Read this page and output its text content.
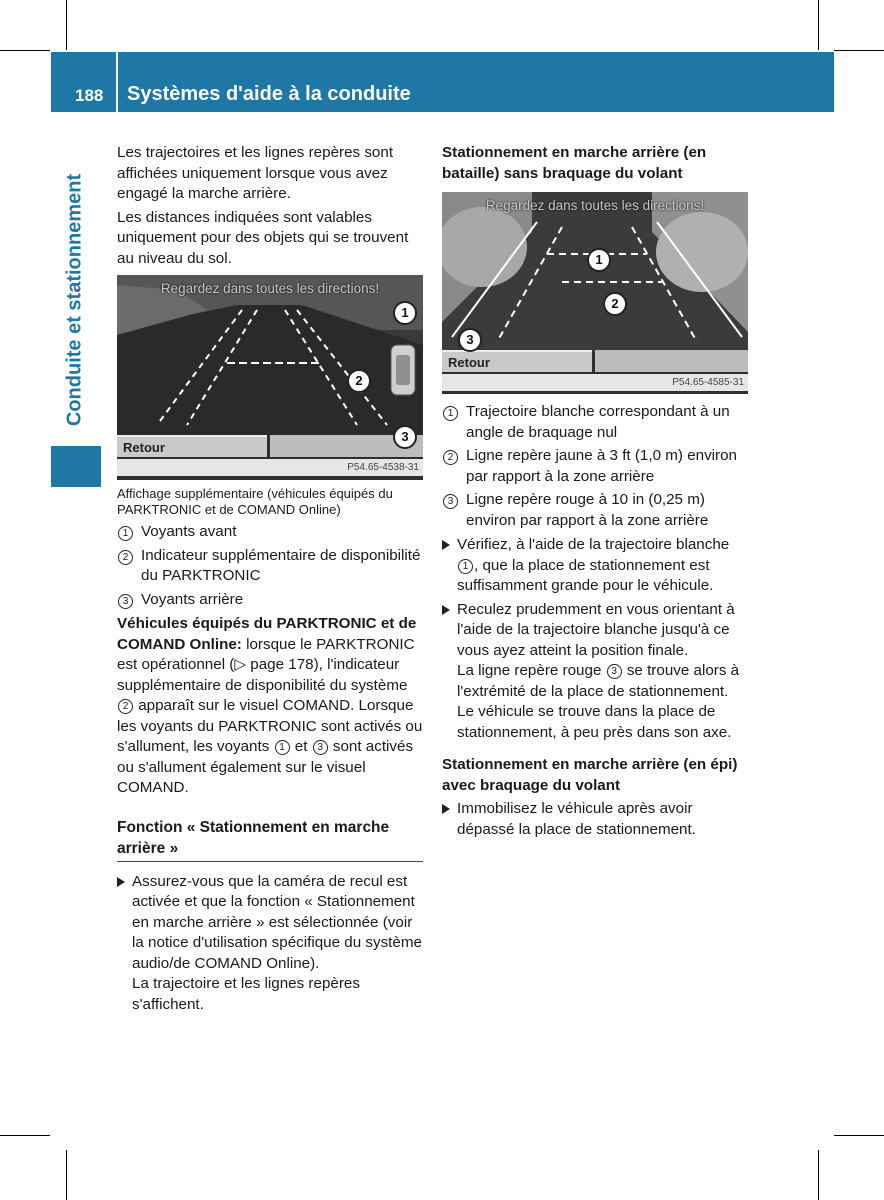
188 Systèmes d'aide à la conduite
Conduite et stationnement

Les trajectoires et les lignes repères sont affichées uniquement lorsque vous avez engagé la marche arrière.

Les distances indiquées sont valables uniquement pour des objets qui se trouvent au niveau du sol.

Regardez dans toutes les directions!
Retour
P54.65-4538-31
1
2
3
Affichage supplémentaire (véhicules équipés du PARKTRONIC et de COMAND Online)
1 Voyants avant
2 Indicateur supplémentaire de disponibilité du PARKTRONIC
3 Voyants arrière

Véhicules équipés du PARKTRONIC et de COMAND Online: lorsque le PARKTRONIC est opérationnel (▷ page 178), l'indicateur supplémentaire de disponibilité du système 2 apparaît sur le visuel COMAND. Lorsque les voyants du PARKTRONIC sont activés ou s'allument, les voyants 1 et 3 sont activés ou s'allument également sur le visuel COMAND.

Fonction « Stationnement en marche arrière »
Assurez-vous que la caméra de recul est activée et que la fonction « Stationnement en marche arrière » est sélectionnée (voir la notice d'utilisation spécifique du système audio/de COMAND Online).
La trajectoire et les lignes repères s'affichent.

Stationnement en marche arrière (en bataille) sans braquage du volant

Regardez dans toutes les directions!
Retour
P54.65-4585-31
1
2
3
1 Trajectoire blanche correspondant à un angle de braquage nul
2 Ligne repère jaune à 3 ft (1,0 m) environ par rapport à la zone arrière
3 Ligne repère rouge à 10 in (0,25 m) environ par rapport à la zone arrière
Vérifiez, à l'aide de la trajectoire blanche 1 , que la place de stationnement est suffisamment grande pour le véhicule.
Reculez prudemment en vous orientant à l'aide de la trajectoire blanche jusqu'à ce vous ayez atteint la position finale.
La ligne repère rouge 3 se trouve alors à l'extrémité de la place de stationnement.
Le véhicule se trouve dans la place de stationnement, à peu près dans son axe.

Stationnement en marche arrière (en épi) avec braquage du volant

Immobilisez le véhicule après avoir dépassé la place de stationnement.
